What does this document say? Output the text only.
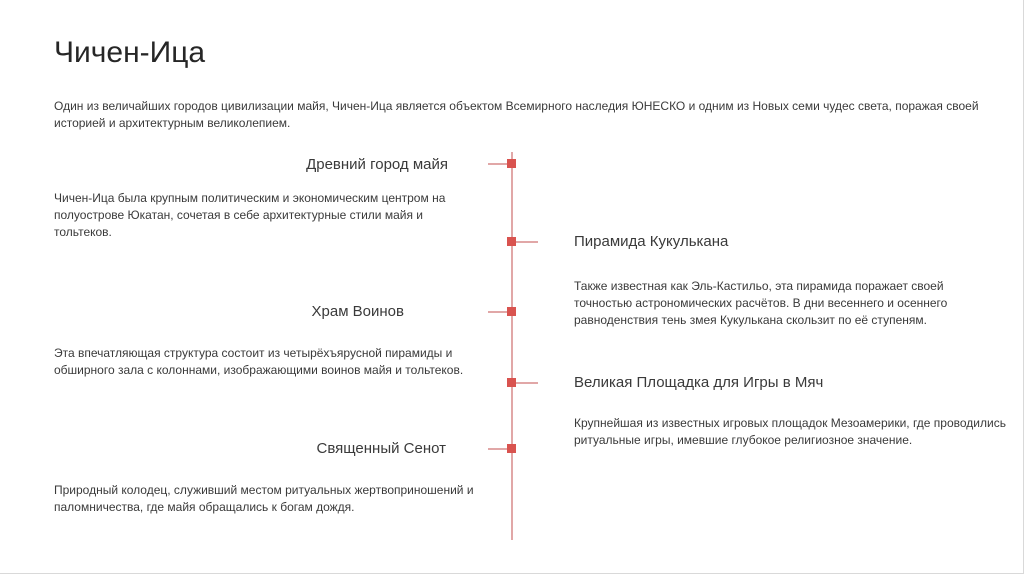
Чичен-Ица
Один из величайших городов цивилизации майя, Чичен-Ица является объектом Всемирного наследия ЮНЕСКО и одним из Новых семи чудес света, поражая своей историей и архитектурным великолепием.
Древний город майя
Чичен-Ица была крупным политическим и экономическим центром на полуострове Юкатан, сочетая в себе архитектурные стили майя и тольтеков.
Пирамида Кукулькана
Также известная как Эль-Кастильо, эта пирамида поражает своей точностью астрономических расчётов. В дни весеннего и осеннего равноденствия тень змея Кукулькана скользит по её ступеням.
Храм Воинов
Эта впечатляющая структура состоит из четырёхъярусной пирамиды и обширного зала с колоннами, изображающими воинов майя и тольтеков.
Великая Площадка для Игры в Мяч
Крупнейшая из известных игровых площадок Мезоамерики, где проводились ритуальные игры, имевшие глубокое религиозное значение.
Священный Сенот
Природный колодец, служивший местом ритуальных жертвоприношений и паломничества, где майя обращались к богам дождя.
